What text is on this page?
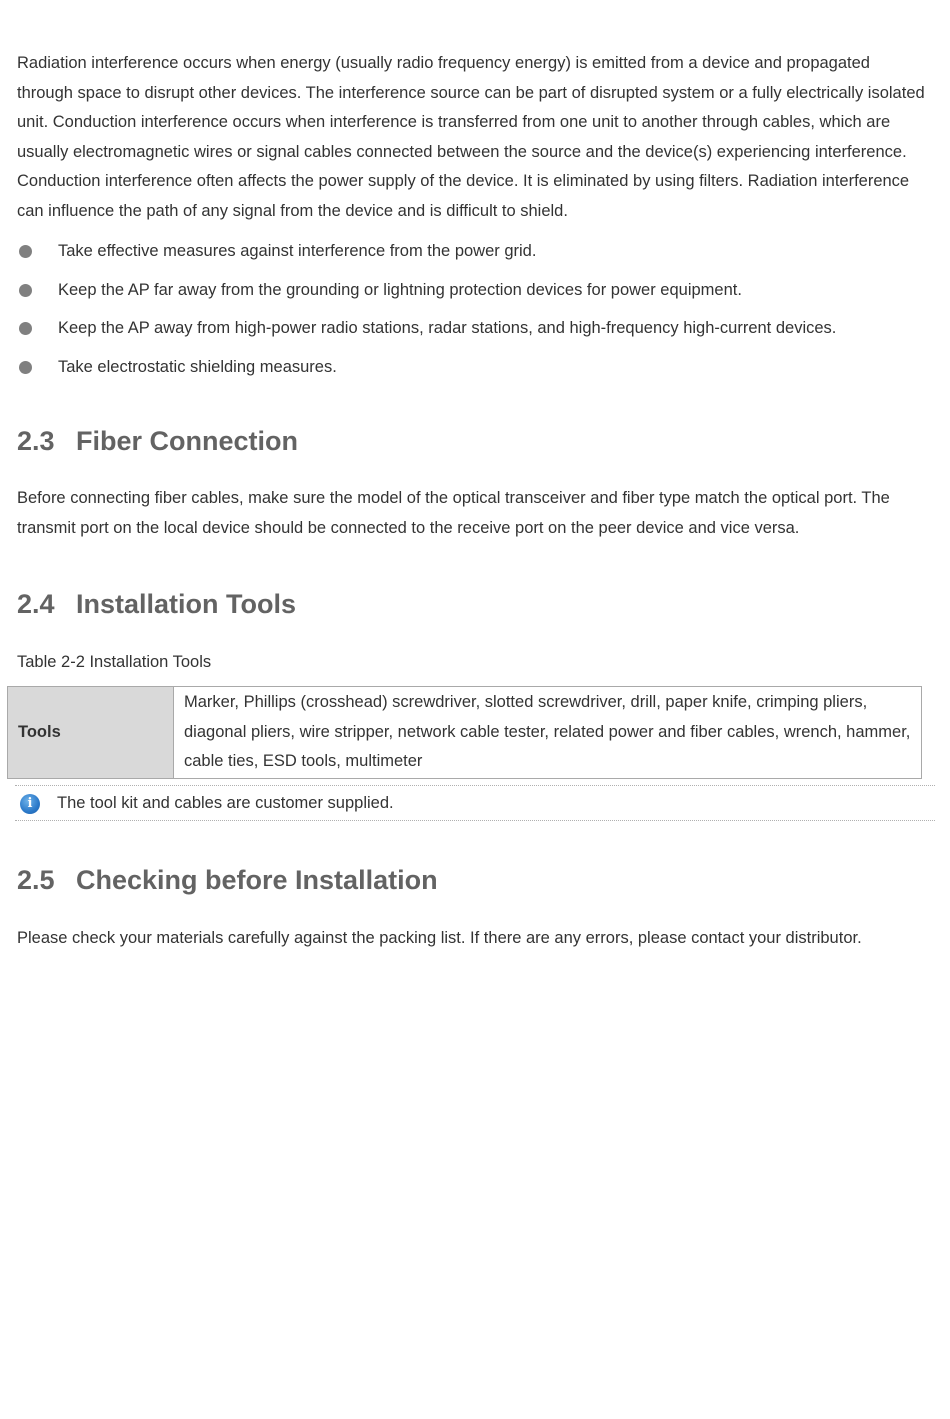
Radiation interference occurs when energy (usually radio frequency energy) is emitted from a device and propagated through space to disrupt other devices. The interference source can be part of disrupted system or a fully electrically isolated unit. Conduction interference occurs when interference is transferred from one unit to another through cables, which are usually electromagnetic wires or signal cables connected between the source and the device(s) experiencing interference. Conduction interference often affects the power supply of the device. It is eliminated by using filters. Radiation interference can influence the path of any signal from the device and is difficult to shield.

Take effective measures against interference from the power grid.
Keep the AP far away from the grounding or lightning protection devices for power equipment.
Keep the AP away from high-power radio stations, radar stations, and high-frequency high-current devices.
Take electrostatic shielding measures.
2.3 Fiber Connection

Before connecting fiber cables, make sure the model of the optical transceiver and fiber type match the optical port. The transmit port on the local device should be connected to the receive port on the peer device and vice versa.

2.4 Installation Tools

Table 2-2 Installation Tools

Tools	Marker, Phillips (crosshead) screwdriver, slotted screwdriver, drill, paper knife, crimping pliers, diagonal pliers, wire stripper, network cable tester, related power and fiber cables, wrench, hammer, cable ties, ESD tools, multimeter
i	The tool kit and cables are customer supplied.
2.5 Checking before Installation

Please check your materials carefully against the packing list. If there are any errors, please contact your distributor.
